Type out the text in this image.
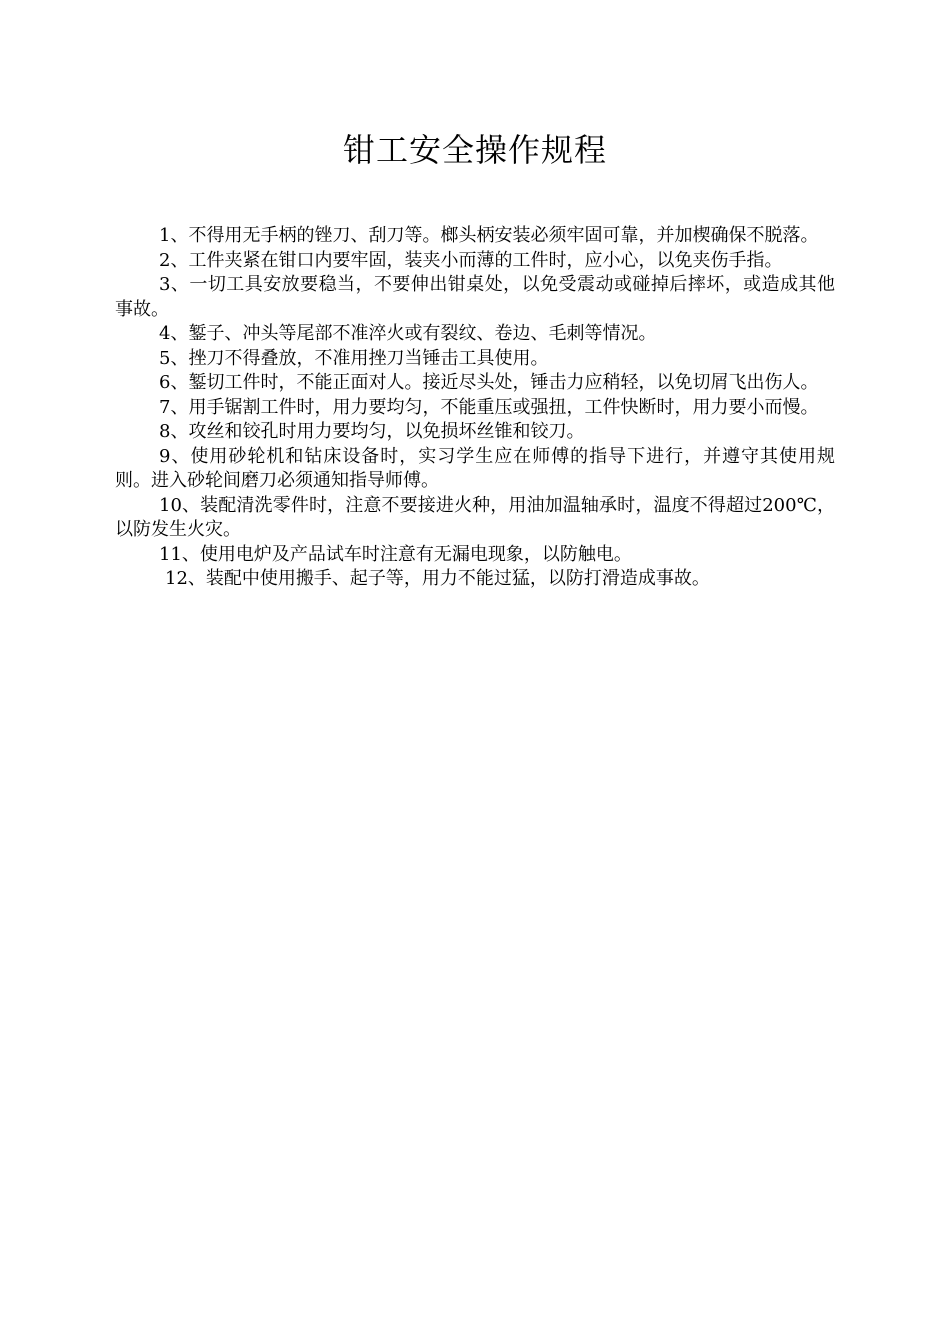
钳工安全操作规程
1、不得用无手柄的锉刀、刮刀等。榔头柄安装必须牢固可靠，并加楔确保不脱落。
2、工件夹紧在钳口内要牢固，装夹小而薄的工件时，应小心，以免夹伤手指。
3、一切工具安放要稳当，不要伸出钳桌处，以免受震动或碰掉后摔坏，或造成其他事故。
4、錾子、冲头等尾部不准淬火或有裂纹、卷边、毛刺等情况。
5、挫刀不得叠放，不准用挫刀当锤击工具使用。
6、錾切工件时，不能正面对人。接近尽头处，锤击力应稍轻，以免切屑飞出伤人。
7、用手锯割工件时，用力要均匀，不能重压或强扭，工件快断时，用力要小而慢。
8、攻丝和铰孔时用力要均匀，以免损坏丝锥和铰刀。
9、使用砂轮机和钻床设备时，实习学生应在师傅的指导下进行，并遵守其使用规则。进入砂轮间磨刀必须通知指导师傅。
10、装配清洗零件时，注意不要接进火种，用油加温轴承时，温度不得超过200℃，以防发生火灾。
11、使用电炉及产品试车时注意有无漏电现象，以防触电。
12、装配中使用搬手、起子等，用力不能过猛，以防打滑造成事故。
